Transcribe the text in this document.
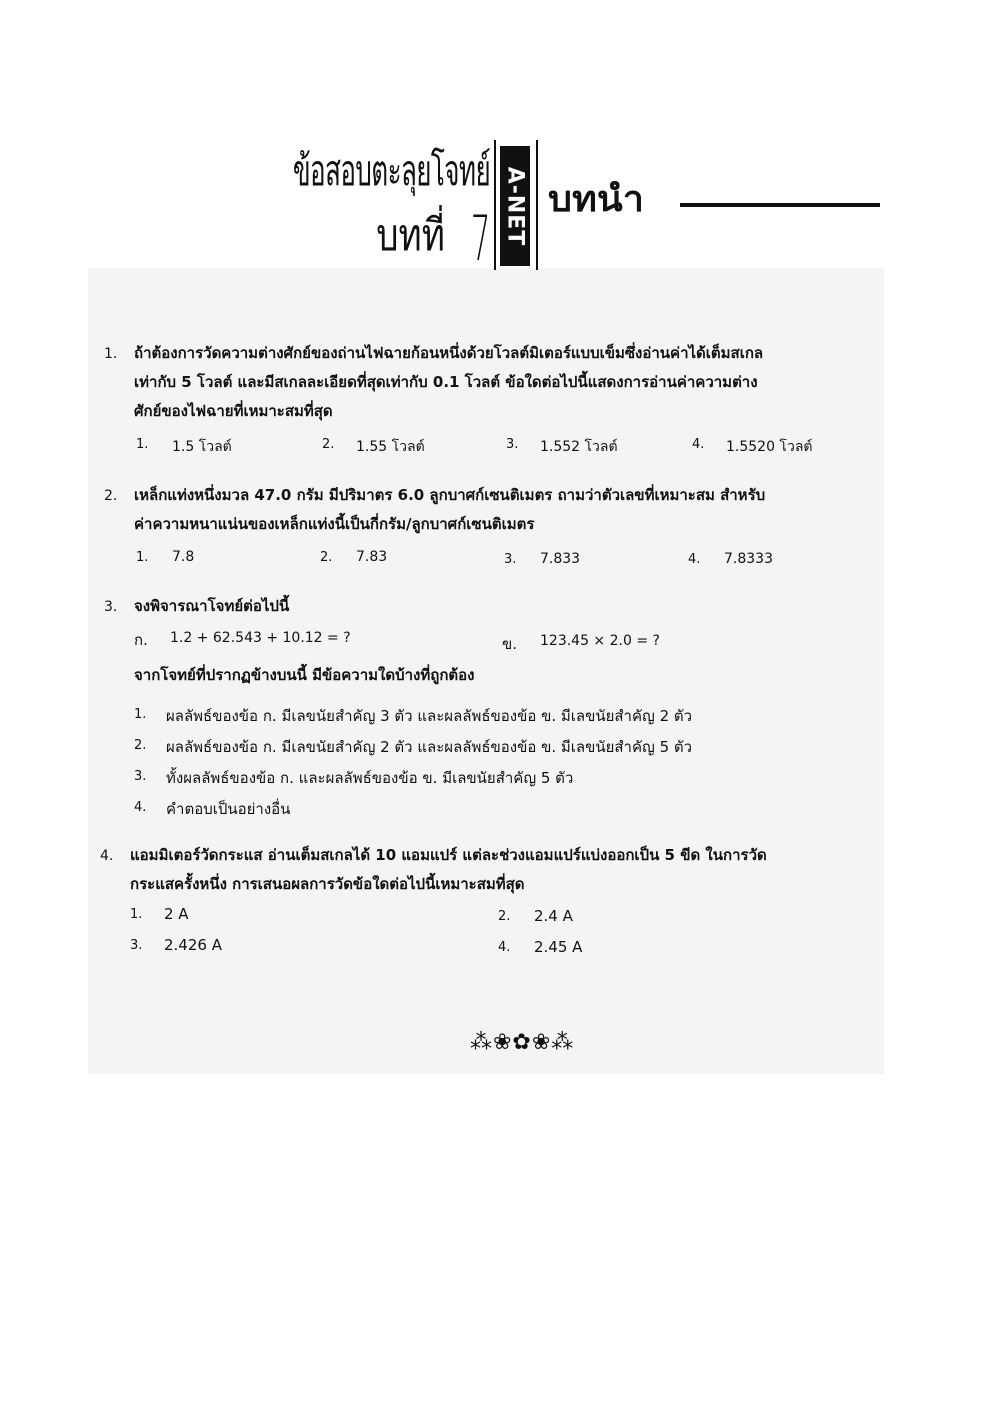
ข้อสอบตะลุยโจทย์
บทที่ 7 A-NET บทนำ
1. ถ้าต้องการวัดความต่างศักย์ของถ่านไฟฉายก้อนหนึ่งด้วยโวลต์มิเตอร์แบบเข็มซึ่งอ่านค่าได้เต็มสเกล
เท่ากับ 5 โวลต์ และมีสเกลละเอียดที่สุดเท่ากับ 0.1 โวลต์ ข้อใดต่อไปนี้แสดงการอ่านค่าความต่าง
ศักย์ของไฟฉายที่เหมาะสมที่สุด
1. 1.5 โวลต์	2. 1.55 โวลต์	3. 1.552 โวลต์	4. 1.5520 โวลต์
2. เหล็กแท่งหนึ่งมวล 47.0 กรัม มีปริมาตร 6.0 ลูกบาศก์เซนติเมตร ถามว่าตัวเลขที่เหมาะสม สำหรับ
ค่าความหนาแน่นของเหล็กแท่งนี้เป็นกี่กรัม/ลูกบาศก์เซนติเมตร
1. 7.8	2. 7.83	3. 7.833	4. 7.8333
3. จงพิจารณาโจทย์ต่อไปนี้
ก. 1.2 + 62.543 + 10.12 = ?	ข. 123.45 × 2.0 = ?
จากโจทย์ที่ปรากฏข้างบนนี้ มีข้อความใดบ้างที่ถูกต้อง
1. ผลลัพธ์ของข้อ ก. มีเลขนัยสำคัญ 3 ตัว และผลลัพธ์ของข้อ ข. มีเลขนัยสำคัญ 2 ตัว
2. ผลลัพธ์ของข้อ ก. มีเลขนัยสำคัญ 2 ตัว และผลลัพธ์ของข้อ ข. มีเลขนัยสำคัญ 5 ตัว
3. ทั้งผลลัพธ์ของข้อ ก. และผลลัพธ์ของข้อ ข. มีเลขนัยสำคัญ 5 ตัว
4. คำตอบเป็นอย่างอื่น
4. แอมมิเตอร์วัดกระแส อ่านเต็มสเกลได้ 10 แอมแปร์ แต่ละช่วงแอมแปร์แบ่งออกเป็น 5 ขีด ในการวัด
กระแสครั้งหนึ่ง การเสนอผลการวัดข้อใดต่อไปนี้เหมาะสมที่สุด
1. 2 A	2. 2.4 A
3. 2.426 A	4. 2.45 A
⁂❀✿❀⁂
